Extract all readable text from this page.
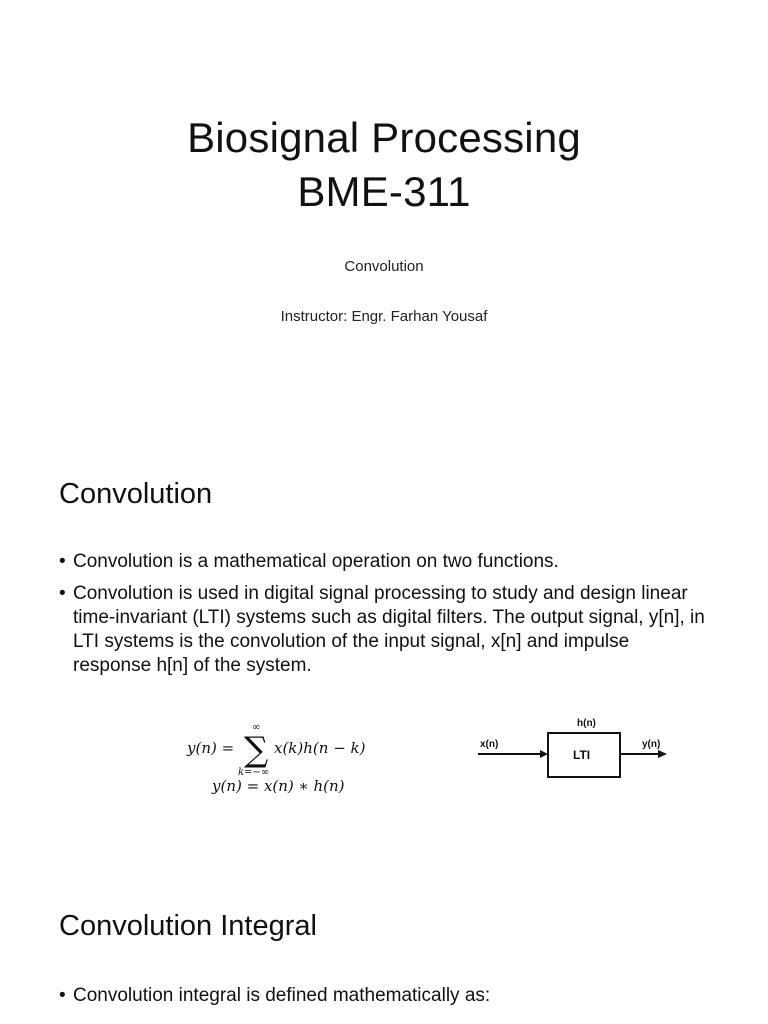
Biosignal Processing
BME-311
Convolution
Instructor: Engr. Farhan Yousaf
Convolution
• Convolution is a mathematical operation on two functions.
• Convolution is used in digital signal processing to study and design linear time-invariant (LTI) systems such as digital filters. The output signal, y[n], in LTI systems is the convolution of the input signal, x[n] and impulse response h[n] of the system.
y(n) =
∞
∑
k=−∞
x(k)h(n − k)
y(n) = x(n) ∗ h(n)
h(n)
x(n)	y(n)
LTI
Convolution Integral
• Convolution integral is defined mathematically as:
